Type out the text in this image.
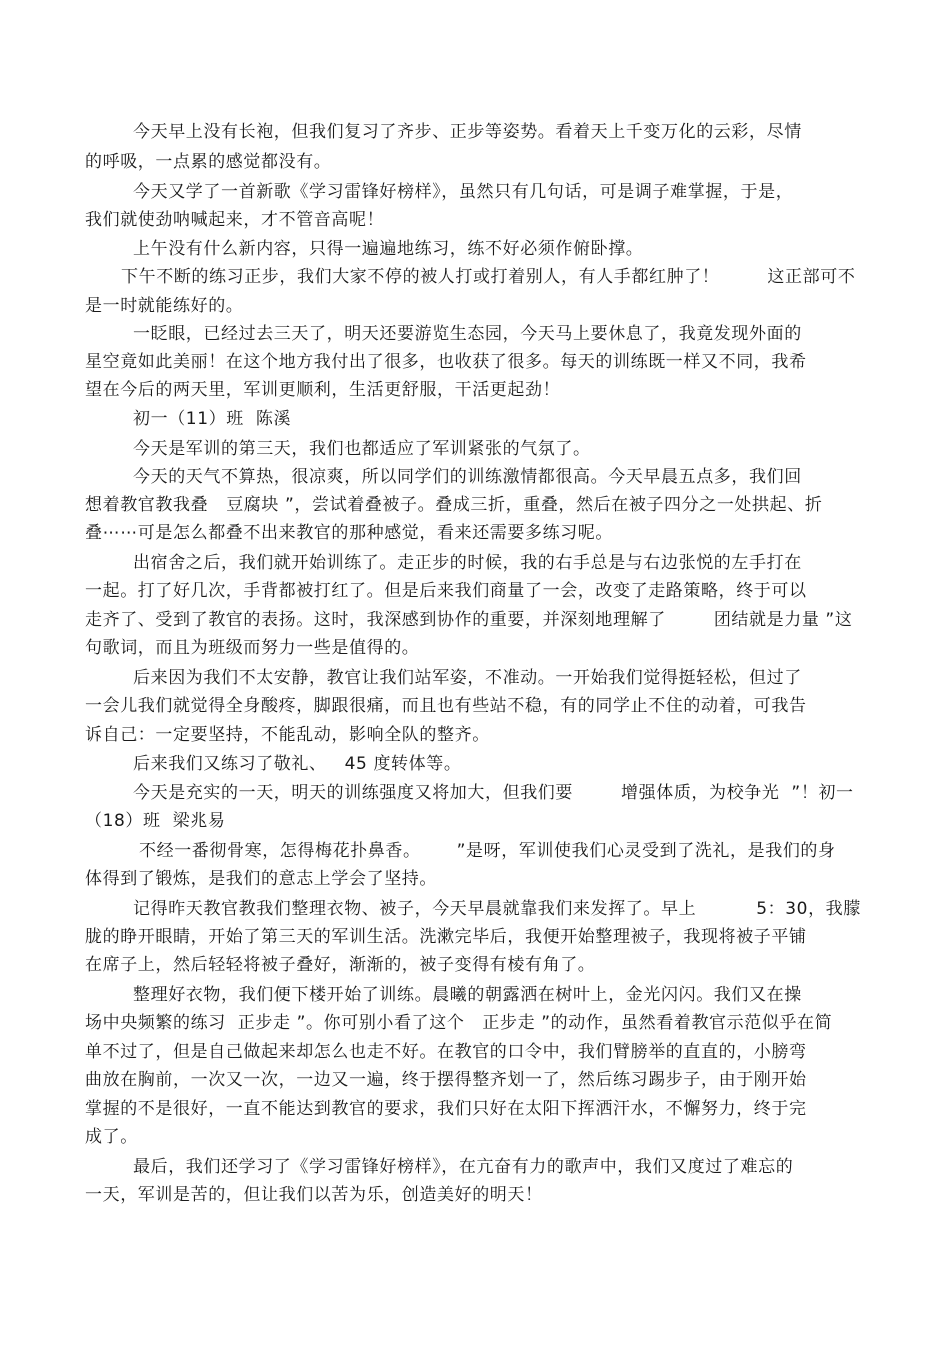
今天早上没有长袍，但我们复习了齐步、正步等姿势。看着天上千变万化的云彩，尽情
的呼吸，一点累的感觉都没有。
今天又学了一首新歌《学习雷锋好榜样》，虽然只有几句话，可是调子难掌握，于是，
我们就使劲呐喊起来，才不管音高呢！
上午没有什么新内容，只得一遍遍地练习，练不好必须作俯卧撑。
下午不断的练习正步，我们大家不停的被人打或打着别人，有人手都红肿了！        这正部可不
是一时就能练好的。
一眨眼，已经过去三天了，明天还要游览生态园，今天马上要休息了，我竟发现外面的
星空竟如此美丽！在这个地方我付出了很多，也收获了很多。每天的训练既一样又不同，我希
望在今后的两天里，军训更顺利，生活更舒服，干活更起劲！
初一（11）班  陈溪
今天是军训的第三天，我们也都适应了军训紧张的气氛了。
今天的天气不算热，很凉爽，所以同学们的训练激情都很高。今天早晨五点多，我们回
想着教官教我叠   豆腐块 ”，尝试着叠被子。叠成三折，重叠，然后在被子四分之一处拱起、折
叠⋯⋯可是怎么都叠不出来教官的那种感觉，看来还需要多练习呢。
出宿舍之后，我们就开始训练了。走正步的时候，我的右手总是与右边张悦的左手打在
一起。打了好几次，手背都被打红了。但是后来我们商量了一会，改变了走路策略，终于可以
走齐了、受到了教官的表扬。这时，我深感到协作的重要，并深刻地理解了        团结就是力量 ”这
句歌词，而且为班级而努力一些是值得的。
后来因为我们不太安静，教官让我们站军姿，不准动。一开始我们觉得挺轻松，但过了
一会儿我们就觉得全身酸疼，脚跟很痛，而且也有些站不稳，有的同学止不住的动着，可我告
诉自己：一定要坚持，不能乱动，影响全队的整齐。
后来我们又练习了敬礼、   45 度转体等。
今天是充实的一天，明天的训练强度又将加大，但我们要        增强体质，为校争光  ”！初一
（18）班  梁兆易
不经一番彻骨寒，怎得梅花扑鼻香。      ”是呀，军训使我们心灵受到了洗礼，是我们的身
体得到了锻炼，是我们的意志上学会了坚持。
记得昨天教官教我们整理衣物、被子，今天早晨就靠我们来发挥了。早上          5：30，我朦
胧的睁开眼睛，开始了第三天的军训生活。洗漱完毕后，我便开始整理被子，我现将被子平铺
在席子上，然后轻轻将被子叠好，渐渐的，被子变得有棱有角了。
整理好衣物，我们便下楼开始了训练。晨曦的朝露洒在树叶上，金光闪闪。我们又在操
场中央频繁的练习  正步走 ”。你可别小看了这个   正步走 ”的动作，虽然看着教官示范似乎在简
单不过了，但是自己做起来却怎么也走不好。在教官的口令中，我们臂膀举的直直的，小膀弯
曲放在胸前，一次又一次，一边又一遍，终于摆得整齐划一了，然后练习踢步子，由于刚开始
掌握的不是很好，一直不能达到教官的要求，我们只好在太阳下挥洒汗水，不懈努力，终于完
成了。
最后，我们还学习了《学习雷锋好榜样》，在亢奋有力的歌声中，我们又度过了难忘的
一天，军训是苦的，但让我们以苦为乐，创造美好的明天！
